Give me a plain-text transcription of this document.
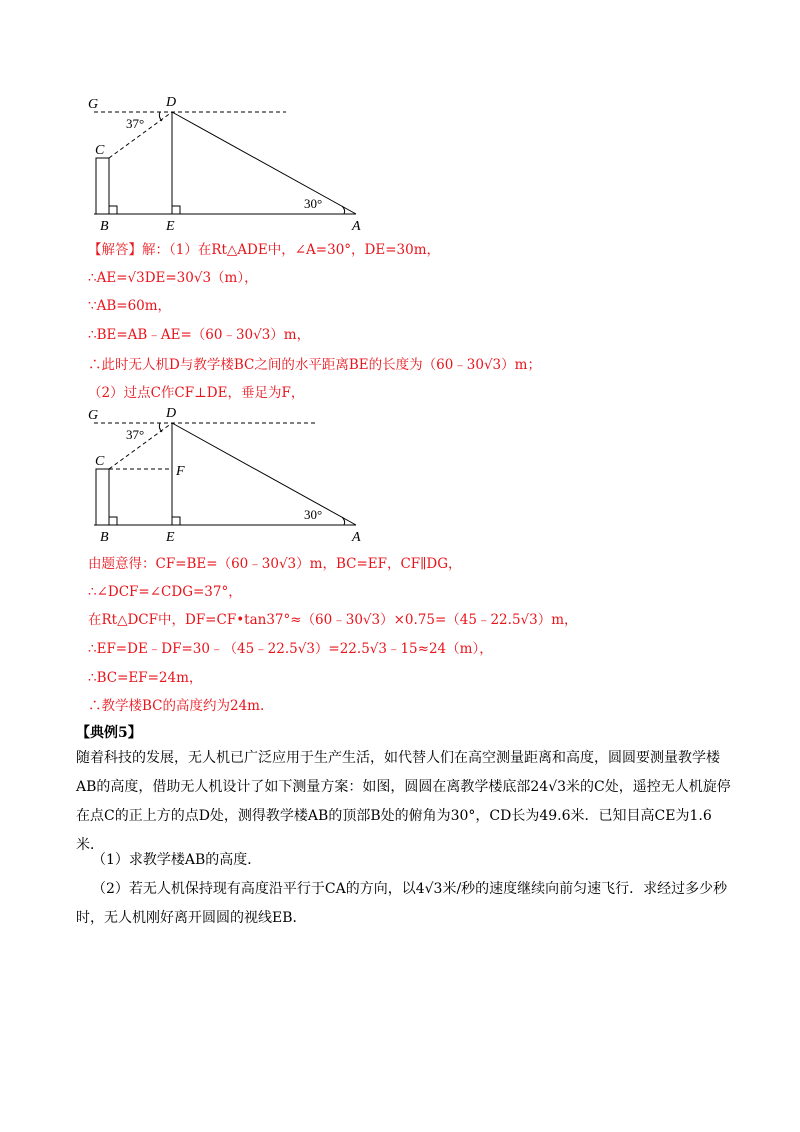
G	D
C
B	E	A
37°
30°
【解答】解：（1）在Rt△ADE中，∠A=30°，DE=30m，
∴AE=√3DE=30√3（m），
∵AB=60m，
∴BE=AB﹣AE=（60﹣30√3）m，
∴此时无人机D与教学楼BC之间的水平距离BE的长度为（60﹣30√3）m；
（2）过点C作CF⊥DE，垂足为F，
G	D
C
F
B	E	A
37°
30°
由题意得：CF=BE=（60﹣30√3）m，BC=EF，CF∥DG，
∴∠DCF=∠CDG=37°，
在Rt△DCF中，DF=CF•tan37°≈（60﹣30√3）×0.75=（45﹣22.5√3）m，
∴EF=DE﹣DF=30﹣（45﹣22.5√3）=22.5√3﹣15≈24（m），
∴BC=EF=24m，
∴教学楼BC的高度约为24m.
【典例5】
随着科技的发展，无人机已广泛应用于生产生活，如代替人们在高空测量距离和高度，圆圆要测量教学楼AB的高度，借助无人机设计了如下测量方案：如图，圆圆在离教学楼底部24√3米的C处，遥控无人机旋停在点C的正上方的点D处，测得教学楼AB的顶部B处的俯角为30°，CD长为49.6米．已知目高CE为1.6米．
（1）求教学楼AB的高度．
（2）若无人机保持现有高度沿平行于CA的方向，以4√3米/秒的速度继续向前匀速飞行．求经过多少秒时，无人机刚好离开圆圆的视线EB．
